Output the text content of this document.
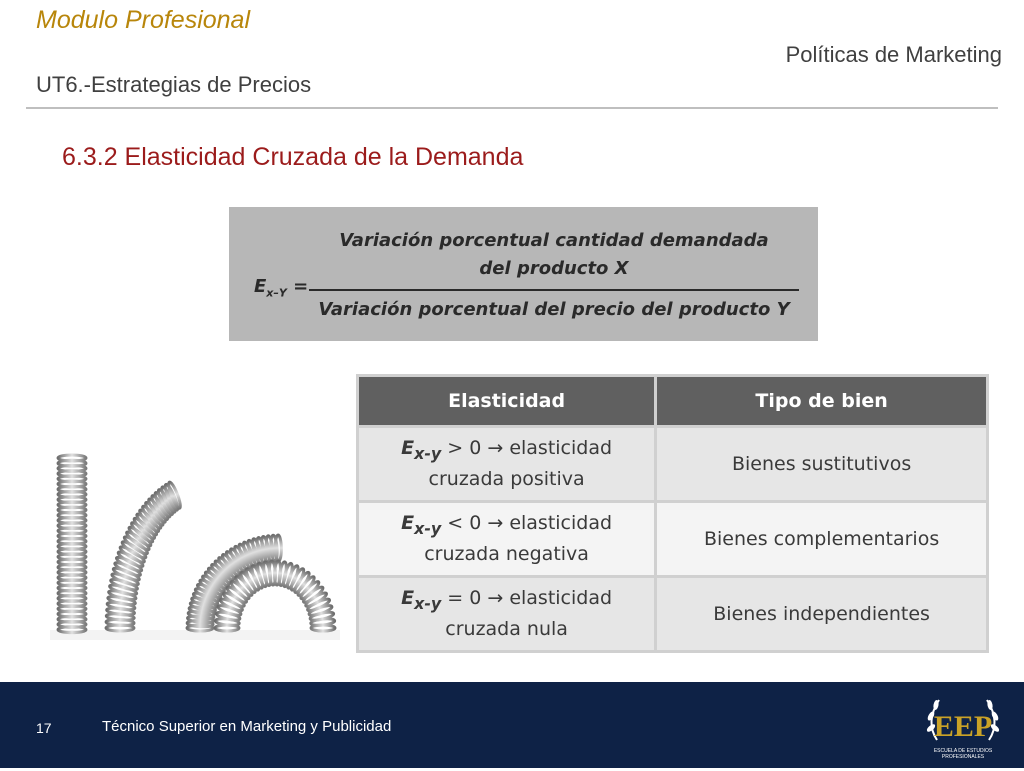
Modulo Profesional
Políticas de Marketing
UT6.-Estrategias de Precios
6.3.2 Elasticidad Cruzada de la Demanda
$E_{x-Y}$ =
Variación porcentual cantidad demandada
del producto X
Variación porcentual del precio del producto Y
Elasticidad	Tipo de bien
$E_{x-y} > 0$ → elasticidad
cruzada positiva	Bienes sustitutivos
$E_{x-y} < 0$ → elasticidad
cruzada negativa	Bienes complementarios
$E_{x-y} = 0$ → elasticidad
cruzada nula	Bienes independientes
17	Técnico Superior en Marketing y Publicidad	EEP
ESCUELA DE ESTUDIOS PROFESIONALES
